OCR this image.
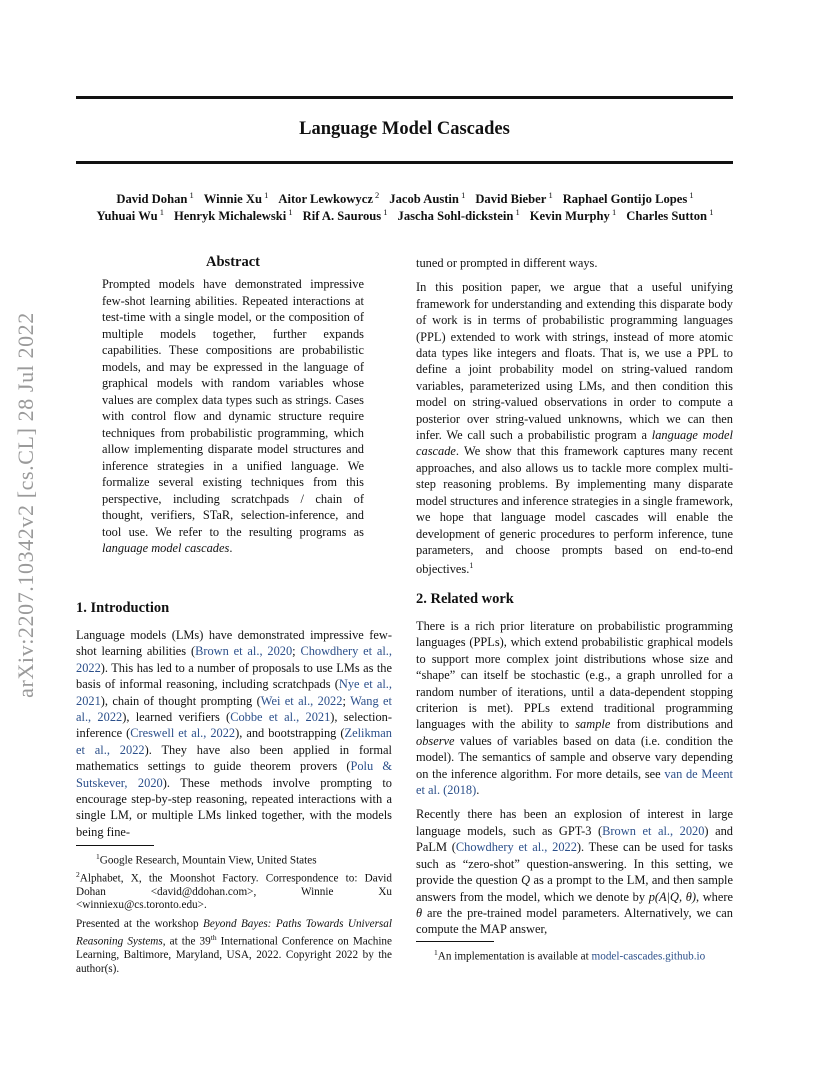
Language Model Cascades
David Dohan $^1$ Winnie Xu $^1$ Aitor Lewkowycz $^2$ Jacob Austin $^1$ David Bieber $^1$ Raphael Gontijo Lopes $^1$
Yuhuai Wu $^1$ Henryk Michalewski $^1$ Rif A. Saurous $^1$ Jascha Sohl-dickstein $^1$ Kevin Murphy $^1$ Charles Sutton $^1$
arXiv:2207.10342v2 [cs.CL] 28 Jul 2022
Abstract
Prompted models have demonstrated impressive few-shot learning abilities. Repeated interactions at test-time with a single model, or the composition of multiple models together, further expands capabilities. These compositions are probabilistic models, and may be expressed in the language of graphical models with random variables whose values are complex data types such as strings. Cases with control flow and dynamic structure require techniques from probabilistic programming, which allow implementing disparate model structures and inference strategies in a unified language. We formalize several existing techniques from this perspective, including scratchpads / chain of thought, verifiers, STaR, selection-inference, and tool use. We refer to the resulting programs as language model cascades.
1. Introduction

Language models (LMs) have demonstrated impressive few-shot learning abilities (Brown et al., 2020; Chowdhery et al., 2022). This has led to a number of proposals to use LMs as the basis of informal reasoning, including scratchpads (Nye et al., 2021), chain of thought prompting (Wei et al., 2022; Wang et al., 2022), learned verifiers (Cobbe et al., 2021), selection-inference (Creswell et al., 2022), and bootstrapping (Zelikman et al., 2022). They have also been applied in formal mathematics settings to guide theorem provers (Polu & Sutskever, 2020). These methods involve prompting to encourage step-by-step reasoning, repeated interactions with a single LM, or multiple LMs linked together, with the models being fine-

$^1$Google Research, Mountain View, United States

$^2$Alphabet, X, the Moonshot Factory. Correspondence to: David Dohan <david@ddohan.com>, Winnie Xu <winniexu@cs.toronto.edu>.

Presented at the workshop Beyond Bayes: Paths Towards Universal Reasoning Systems, at the 39th International Conference on Machine Learning, Baltimore, Maryland, USA, 2022. Copyright 2022 by the author(s).

tuned or prompted in different ways.

In this position paper, we argue that a useful unifying framework for understanding and extending this disparate body of work is in terms of probabilistic programming languages (PPL) extended to work with strings, instead of more atomic data types like integers and floats. That is, we use a PPL to define a joint probability model on string-valued random variables, parameterized using LMs, and then condition this model on string-valued observations in order to compute a posterior over string-valued unknowns, which we can then infer. We call such a probabilistic program a language model cascade. We show that this framework captures many recent approaches, and also allows us to tackle more complex multi-step reasoning problems. By implementing many disparate model structures and inference strategies in a single framework, we hope that language model cascades will enable the development of generic procedures to perform inference, tune parameters, and choose prompts based on end-to-end objectives.$^1$

2. Related work

There is a rich prior literature on probabilistic programming languages (PPLs), which extend probabilistic graphical models to support more complex joint distributions whose size and “shape” can itself be stochastic (e.g., a graph unrolled for a random number of iterations, until a data-dependent stopping criterion is met). PPLs extend traditional programming languages with the ability to sample from distributions and observe values of variables based on data (i.e. condition the model). The semantics of sample and observe vary depending on the inference algorithm. For more details, see van de Meent et al. (2018).

Recently there has been an explosion of interest in large language models, such as GPT-3 (Brown et al., 2020) and PaLM (Chowdhery et al., 2022). These can be used for tasks such as “zero-shot” question-answering. In this setting, we provide the question Q as a prompt to the LM, and then sample answers from the model, which we denote by p(A|Q, θ), where θ are the pre-trained model parameters. Alternatively, we can compute the MAP answer,

$^1$An implementation is available at model-cascades.github.io
